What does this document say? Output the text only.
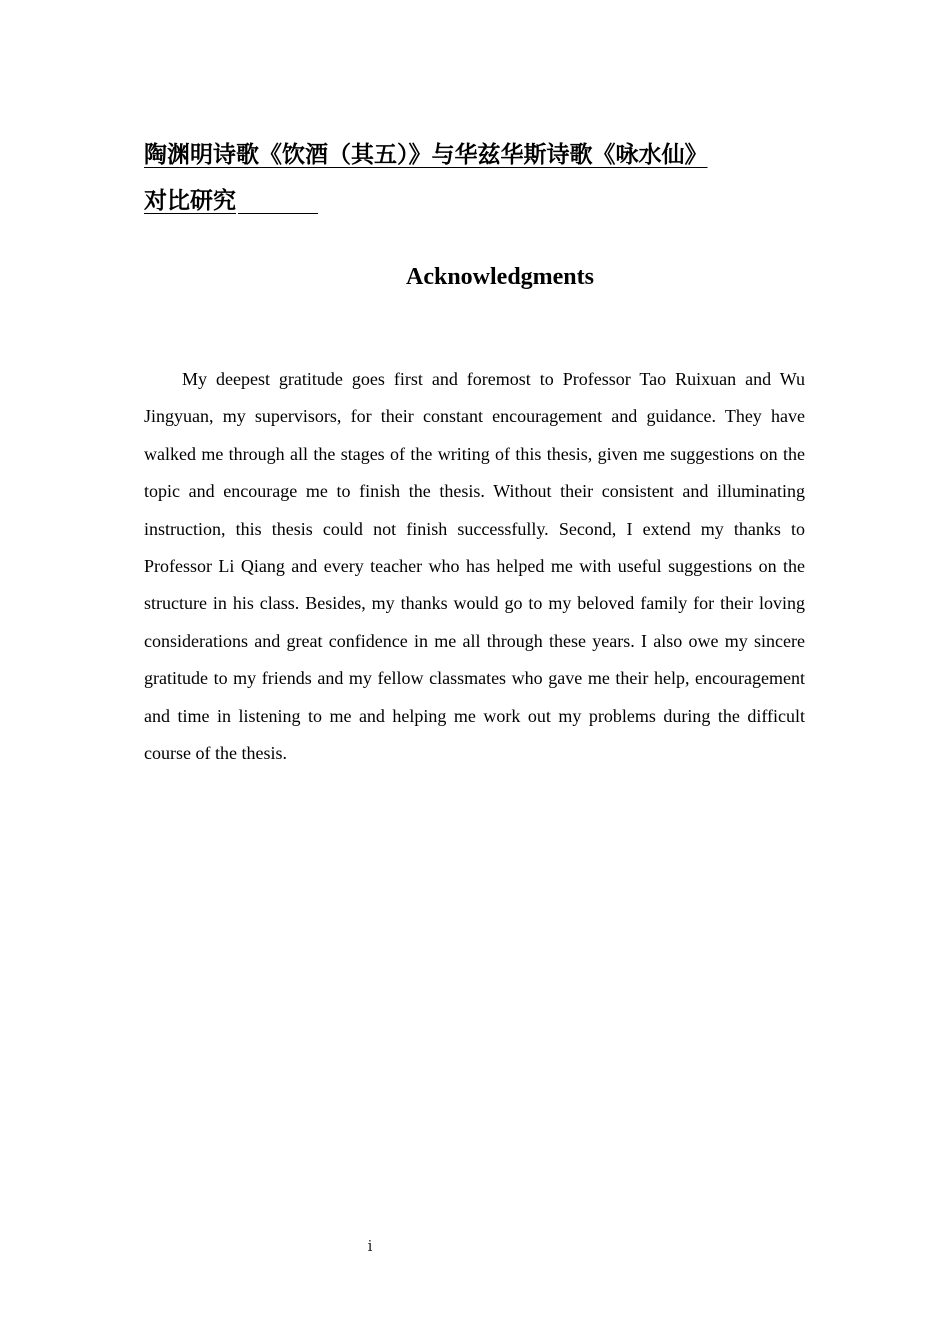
陶渊明诗歌《饮酒（其五）》与华兹华斯诗歌《咏水仙》
对比研究
Acknowledgments

My deepest gratitude goes first and foremost to Professor Tao Ruixuan and Wu Jingyuan, my supervisors, for their constant encouragement and guidance. They have walked me through all the stages of the writing of this thesis, given me suggestions on the topic and encourage me to finish the thesis. Without their consistent and illuminating instruction, this thesis could not finish successfully. Second, I extend my thanks to Professor Li Qiang and every teacher who has helped me with useful suggestions on the structure in his class. Besides, my thanks would go to my beloved family for their loving considerations and great confidence in me all through these years. I also owe my sincere gratitude to my friends and my fellow classmates who gave me their help, encouragement and time in listening to me and helping me work out my problems during the difficult course of the thesis.

i
